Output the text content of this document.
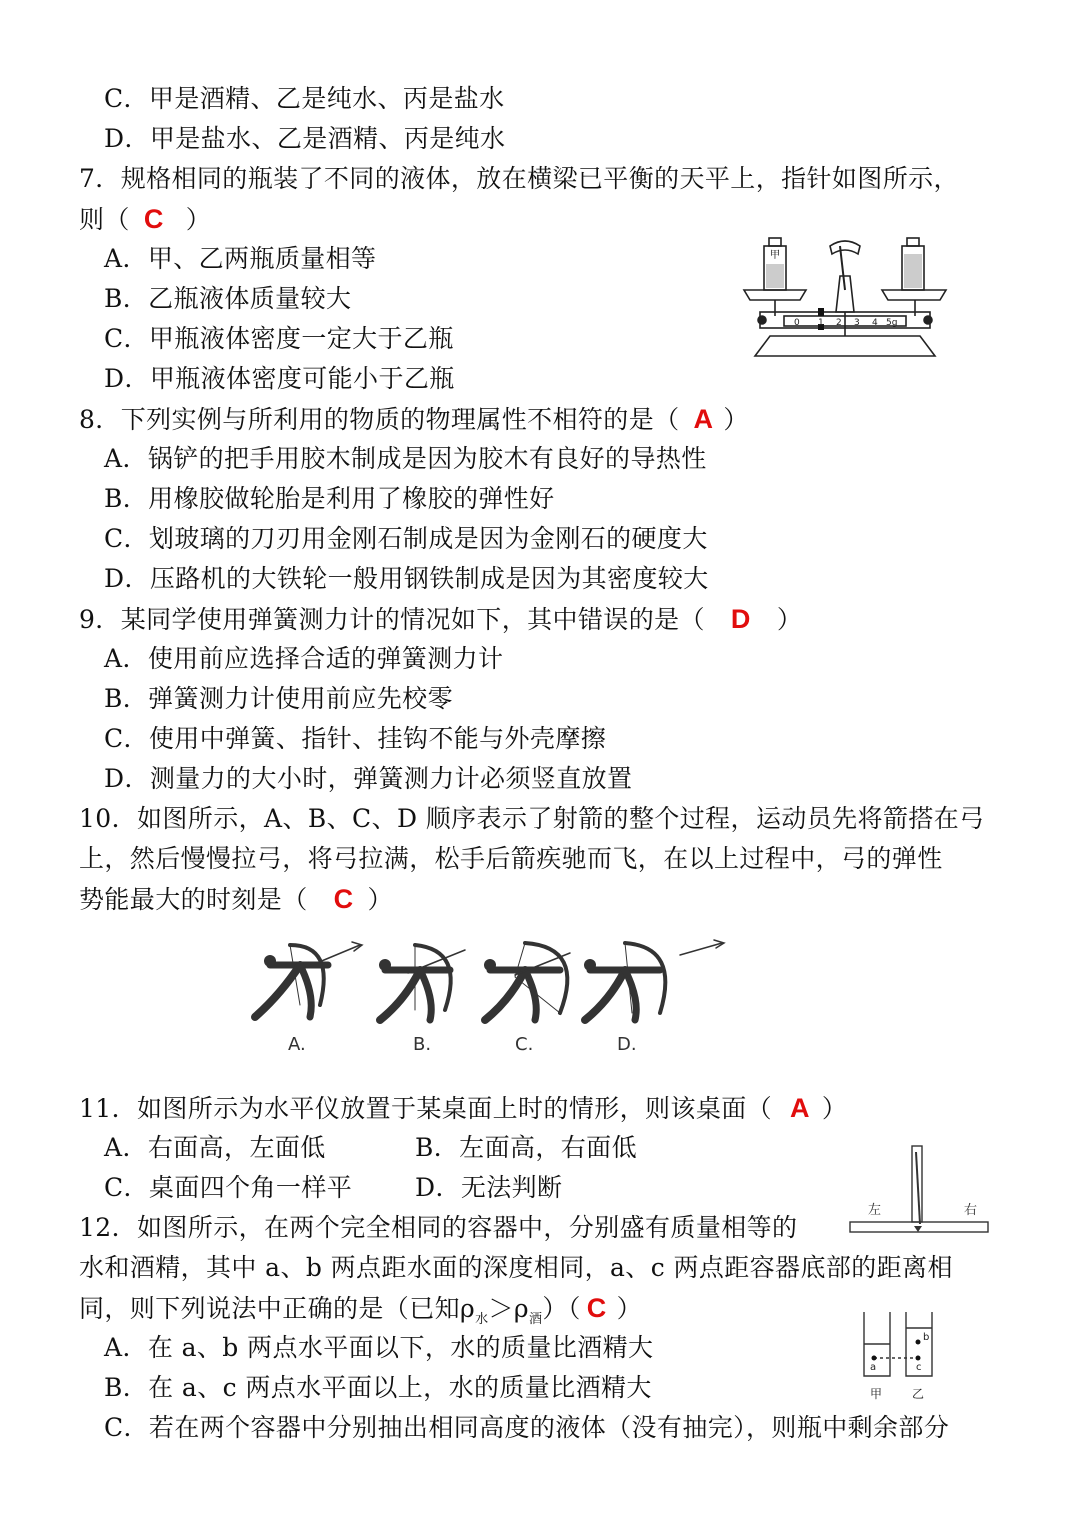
C．甲是酒精、乙是纯水、丙是盐水
D．甲是盐水、乙是酒精、丙是纯水
7．规格相同的瓶装了不同的液体，放在横梁已平衡的天平上，指针如图所示，
则（ C ）
A．甲、乙两瓶质量相等
B．乙瓶液体质量较大
C．甲瓶液体密度一定大于乙瓶
D．甲瓶液体密度可能小于乙瓶
甲
0 1 2 3 4 5g
8．下列实例与所利用的物质的物理属性不相符的是（ A ）
A．锅铲的把手用胶木制成是因为胶木有良好的导热性
B．用橡胶做轮胎是利用了橡胶的弹性好
C．划玻璃的刀刃用金刚石制成是因为金刚石的硬度大
D．压路机的大铁轮一般用钢铁制成是因为其密度较大
9．某同学使用弹簧测力计的情况如下，其中错误的是（ D ）
A．使用前应选择合适的弹簧测力计
B．弹簧测力计使用前应先校零
C．使用中弹簧、指针、挂钩不能与外壳摩擦
D．测量力的大小时，弹簧测力计必须竖直放置
10．如图所示，A、B、C、D 顺序表示了射箭的整个过程，运动员先将箭搭在弓
上，然后慢慢拉弓，将弓拉满，松手后箭疾驰而飞，在以上过程中，弓的弹性
势能最大的时刻是（ C ）
A.	B.	C.	D.
11．如图所示为水平仪放置于某桌面上时的情形，则该桌面（ A ）
A．右面高，左面低	B．左面高，右面低
C．桌面四个角一样平	D．无法判断
左	右
12．如图所示，在两个完全相同的容器中，分别盛有质量相等的
水和酒精，其中 a、b 两点距水面的深度相同，a、c 两点距容器底部的距离相
同，则下列说法中正确的是（已知$\rho_水>\rho_酒$）（ C ）
A．在 a、b 两点水平面以下，水的质量比酒精大
B．在 a、c 两点水平面以上，水的质量比酒精大
C．若在两个容器中分别抽出相同高度的液体（没有抽完），则瓶中剩余部分
a
b
c
甲 乙
